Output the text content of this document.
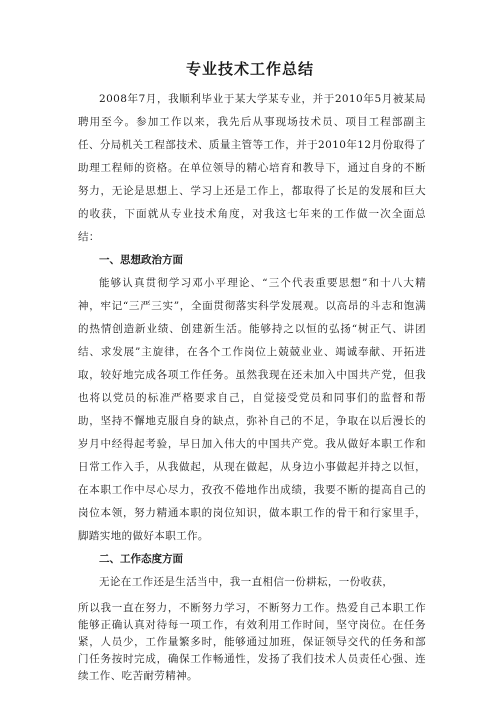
专业技术工作总结

2008年7月，我顺利毕业于某大学某专业，并于2010年5月被某局聘用至今。参加工作以来，我先后从事现场技术员、项目工程部副主任、分局机关工程部技术、质量主管等工作，并于2010年12月份取得了助理工程师的资格。在单位领导的精心培育和教导下，通过自身的不断努力，无论是思想上、学习上还是工作上，都取得了长足的发展和巨大的收获，下面就从专业技术角度，对我这七年来的工作做一次全面总结：

一、思想政治方面

能够认真贯彻学习邓小平理论、“三个代表重要思想”和十八大精神，牢记“三严三实”，全面贯彻落实科学发展观。以高昂的斗志和饱满的热情创造新业绩、创建新生活。能够持之以恒的弘扬“树正气、讲团结、求发展”主旋律，在各个工作岗位上兢兢业业、竭诚奉献、开拓进取，较好地完成各项工作任务。虽然我现在还未加入中国共产党，但我也将以党员的标准严格要求自己，自觉接受党员和同事们的监督和帮助，坚持不懈地克服自身的缺点，弥补自己的不足，争取在以后漫长的岁月中经得起考验，早日加入伟大的中国共产党。我从做好本职工作和日常工作入手，从我做起，从现在做起，从身边小事做起并持之以恒，在本职工作中尽心尽力，孜孜不倦地作出成绩，我要不断的提高自己的岗位本领，努力精通本职的岗位知识，做本职工作的骨干和行家里手，脚踏实地的做好本职工作。

二、工作态度方面

无论在工作还是生活当中，我一直相信一份耕耘，一份收获，

所以我一直在努力，不断努力学习，不断努力工作。热爱自己本职工作能够正确认真对待每一项工作，有效利用工作时间，坚守岗位。在任务紧，人员少，工作量繁多时，能够通过加班，保证领导交代的任务和部门任务按时完成，确保工作畅通性，发扬了我们技术人员责任心强、连续工作、吃苦耐劳精神。
